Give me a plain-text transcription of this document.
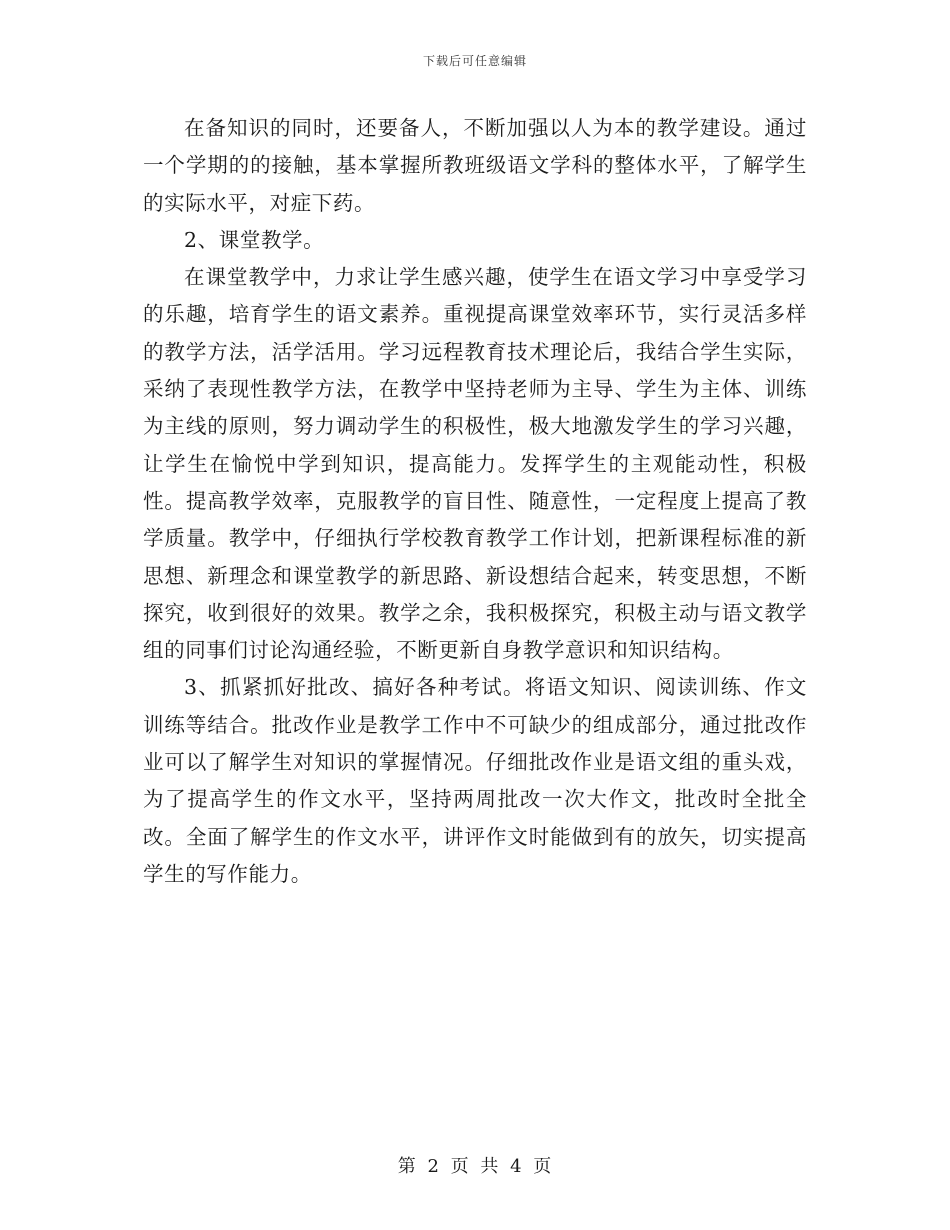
下载后可任意编辑

在备知识的同时，还要备人，不断加强以人为本的教学建设。通过一个学期的的接触，基本掌握所教班级语文学科的整体水平，了解学生的实际水平，对症下药。

2、课堂教学。

在课堂教学中，力求让学生感兴趣，使学生在语文学习中享受学习的乐趣，培育学生的语文素养。重视提高课堂效率环节，实行灵活多样的教学方法，活学活用。学习远程教育技术理论后，我结合学生实际，采纳了表现性教学方法，在教学中坚持老师为主导、学生为主体、训练为主线的原则，努力调动学生的积极性，极大地激发学生的学习兴趣，让学生在愉悦中学到知识，提高能力。发挥学生的主观能动性，积极性。提高教学效率，克服教学的盲目性、随意性，一定程度上提高了教学质量。教学中，仔细执行学校教育教学工作计划，把新课程标准的新思想、新理念和课堂教学的新思路、新设想结合起来，转变思想，不断探究，收到很好的效果。教学之余，我积极探究，积极主动与语文教学组的同事们讨论沟通经验，不断更新自身教学意识和知识结构。

3、抓紧抓好批改、搞好各种考试。将语文知识、阅读训练、作文训练等结合。批改作业是教学工作中不可缺少的组成部分，通过批改作业可以了解学生对知识的掌握情况。仔细批改作业是语文组的重头戏，为了提高学生的作文水平，坚持两周批改一次大作文，批改时全批全改。全面了解学生的作文水平，讲评作文时能做到有的放矢，切实提高学生的写作能力。

第 2 页 共 4 页
